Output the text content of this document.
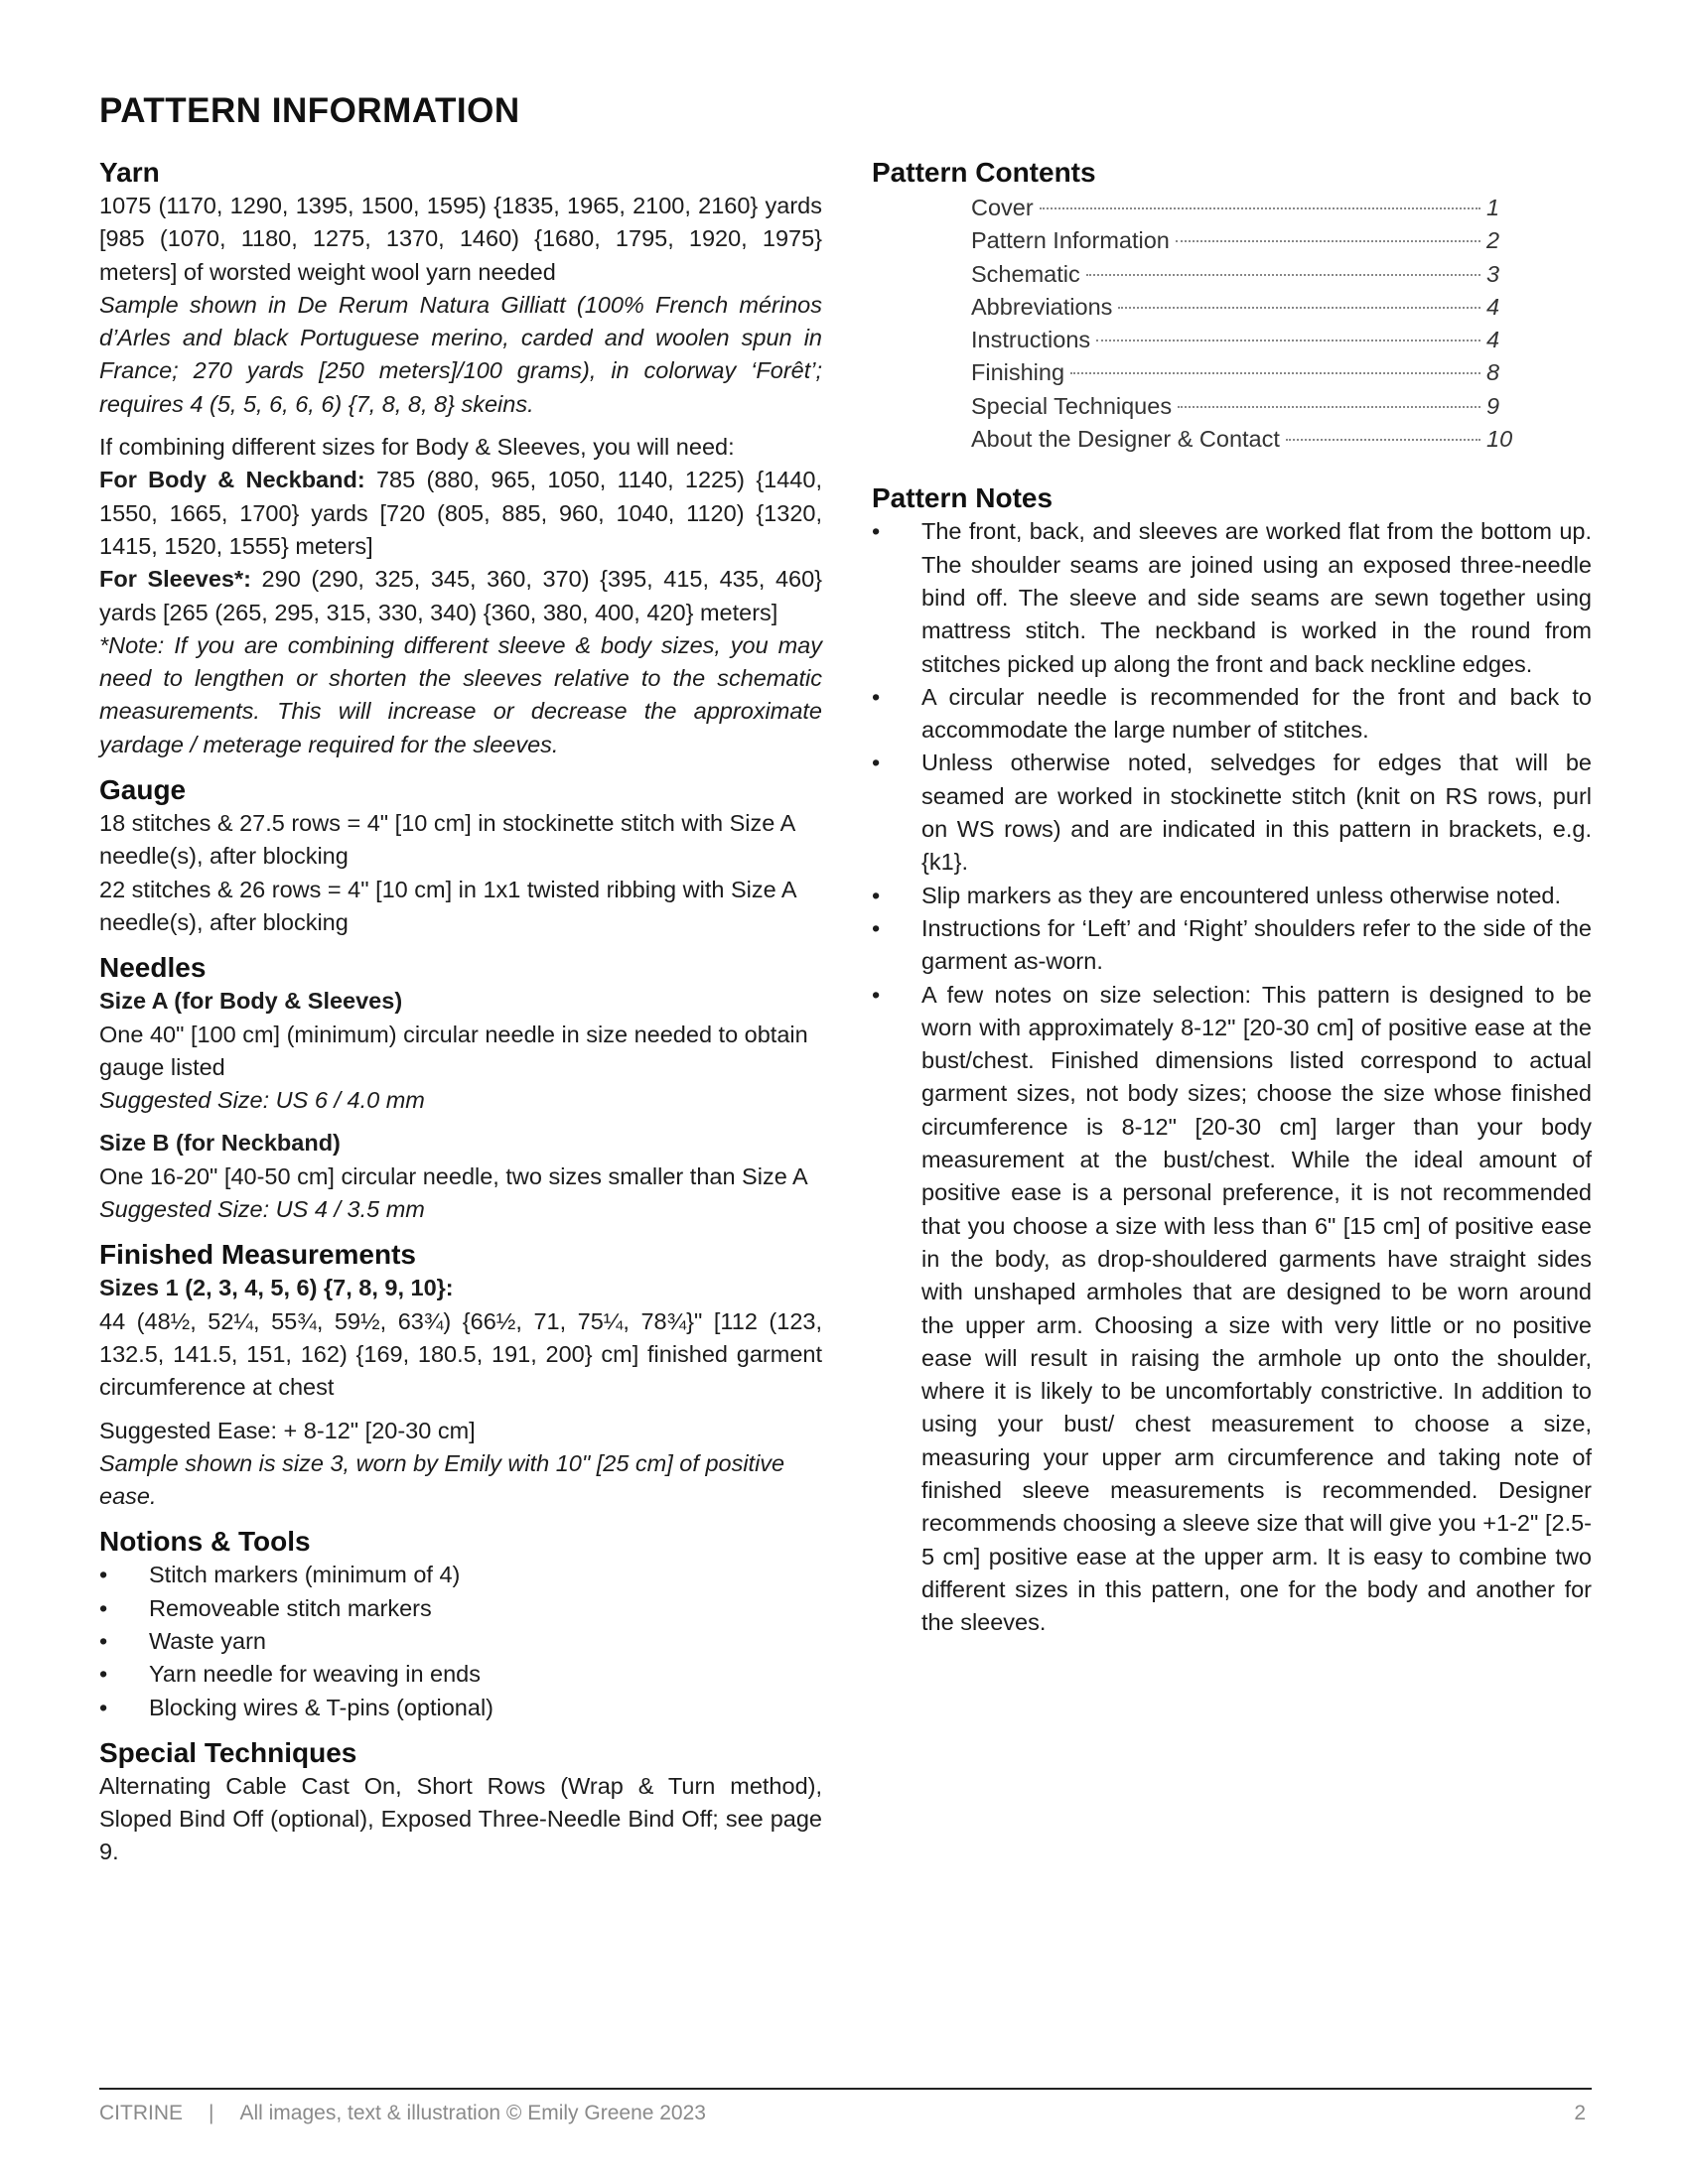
PATTERN INFORMATION
Yarn

1075 (1170, 1290, 1395, 1500, 1595) {1835, 1965, 2100, 2160} yards [985 (1070, 1180, 1275, 1370, 1460) {1680, 1795, 1920, 1975} meters] of worsted weight wool yarn needed

Sample shown in De Rerum Natura Gilliatt (100% French mérinos d’Arles and black Portuguese merino, carded and woolen spun in France; 270 yards [250 meters]/100 grams), in colorway ‘Forêt’; requires 4 (5, 5, 6, 6, 6) {7, 8, 8, 8} skeins.

If combining different sizes for Body & Sleeves, you will need:

For Body & Neckband: 785 (880, 965, 1050, 1140, 1225) {1440, 1550, 1665, 1700} yards [720 (805, 885, 960, 1040, 1120) {1320, 1415, 1520, 1555} meters]

For Sleeves*: 290 (290, 325, 345, 360, 370) {395, 415, 435, 460} yards [265 (265, 295, 315, 330, 340) {360, 380, 400, 420} meters]

*Note: If you are combining different sleeve & body sizes, you may need to lengthen or shorten the sleeves relative to the schematic measurements. This will increase or decrease the approximate yardage / meterage required for the sleeves.

Gauge

18 stitches & 27.5 rows = 4" [10 cm] in stockinette stitch with Size A needle(s), after blocking

22 stitches & 26 rows = 4" [10 cm] in 1x1 twisted ribbing with Size A needle(s), after blocking

Needles
Size A (for Body & Sleeves)

One 40" [100 cm] (minimum) circular needle in size needed to obtain gauge listed

Suggested Size: US 6 / 4.0 mm

Size B (for Neckband)

One 16-20" [40-50 cm] circular needle, two sizes smaller than Size A

Suggested Size: US 4 / 3.5 mm

Finished Measurements
Sizes 1 (2, 3, 4, 5, 6) {7, 8, 9, 10}:

44 (48½, 52¼, 55¾, 59½, 63¾) {66½, 71, 75¼, 78¾}" [112 (123, 132.5, 141.5, 151, 162) {169, 180.5, 191, 200} cm] finished garment circumference at chest

Suggested Ease: + 8-12" [20-30 cm]

Sample shown is size 3, worn by Emily with 10" [25 cm] of positive ease.

Notions & Tools
•	Stitch markers (minimum of 4)
•	Removeable stitch markers
•	Waste yarn
•	Yarn needle for weaving in ends
•	Blocking wires & T-pins (optional)
Special Techniques

Alternating Cable Cast On, Short Rows (Wrap & Turn method), Sloped Bind Off (optional), Exposed Three-Needle Bind Off; see page 9.

Pattern Contents
Cover	1
Pattern Information	2
Schematic	3
Abbreviations	4
Instructions	4
Finishing	8
Special Techniques	9
About the Designer & Contact	10
Pattern Notes
•	The front, back, and sleeves are worked flat from the bottom up. The shoulder seams are joined using an exposed three-needle bind off. The sleeve and side seams are sewn together using mattress stitch. The neckband is worked in the round from stitches picked up along the front and back neckline edges.
•	A circular needle is recommended for the front and back to accommodate the large number of stitches.
•	Unless otherwise noted, selvedges for edges that will be seamed are worked in stockinette stitch (knit on RS rows, purl on WS rows) and are indicated in this pattern in brackets, e.g. {k1}.
•	Slip markers as they are encountered unless otherwise noted.
•	Instructions for ‘Left’ and ‘Right’ shoulders refer to the side of the garment as-worn.
•	A few notes on size selection: This pattern is designed to be worn with approximately 8-12" [20-30 cm] of positive ease at the bust/chest. Finished dimensions listed correspond to actual garment sizes, not body sizes; choose the size whose finished circumference is 8-12" [20-30 cm] larger than your body measurement at the bust/chest. While the ideal amount of positive ease is a personal preference, it is not recommended that you choose a size with less than 6" [15 cm] of positive ease in the body, as drop-shouldered garments have straight sides with unshaped armholes that are designed to be worn around the upper arm. Choosing a size with very little or no positive ease will result in raising the armhole up onto the shoulder, where it is likely to be uncomfortably constrictive. In addition to using your bust/ chest measurement to choose a size, measuring your upper arm circumference and taking note of finished sleeve measurements is recommended. Designer recommends choosing a sleeve size that will give you +1-2" [2.5-5 cm] positive ease at the upper arm. It is easy to combine two different sizes in this pattern, one for the body and another for the sleeves.
CITRINE | All images, text & illustration © Emily Greene 2023	2
